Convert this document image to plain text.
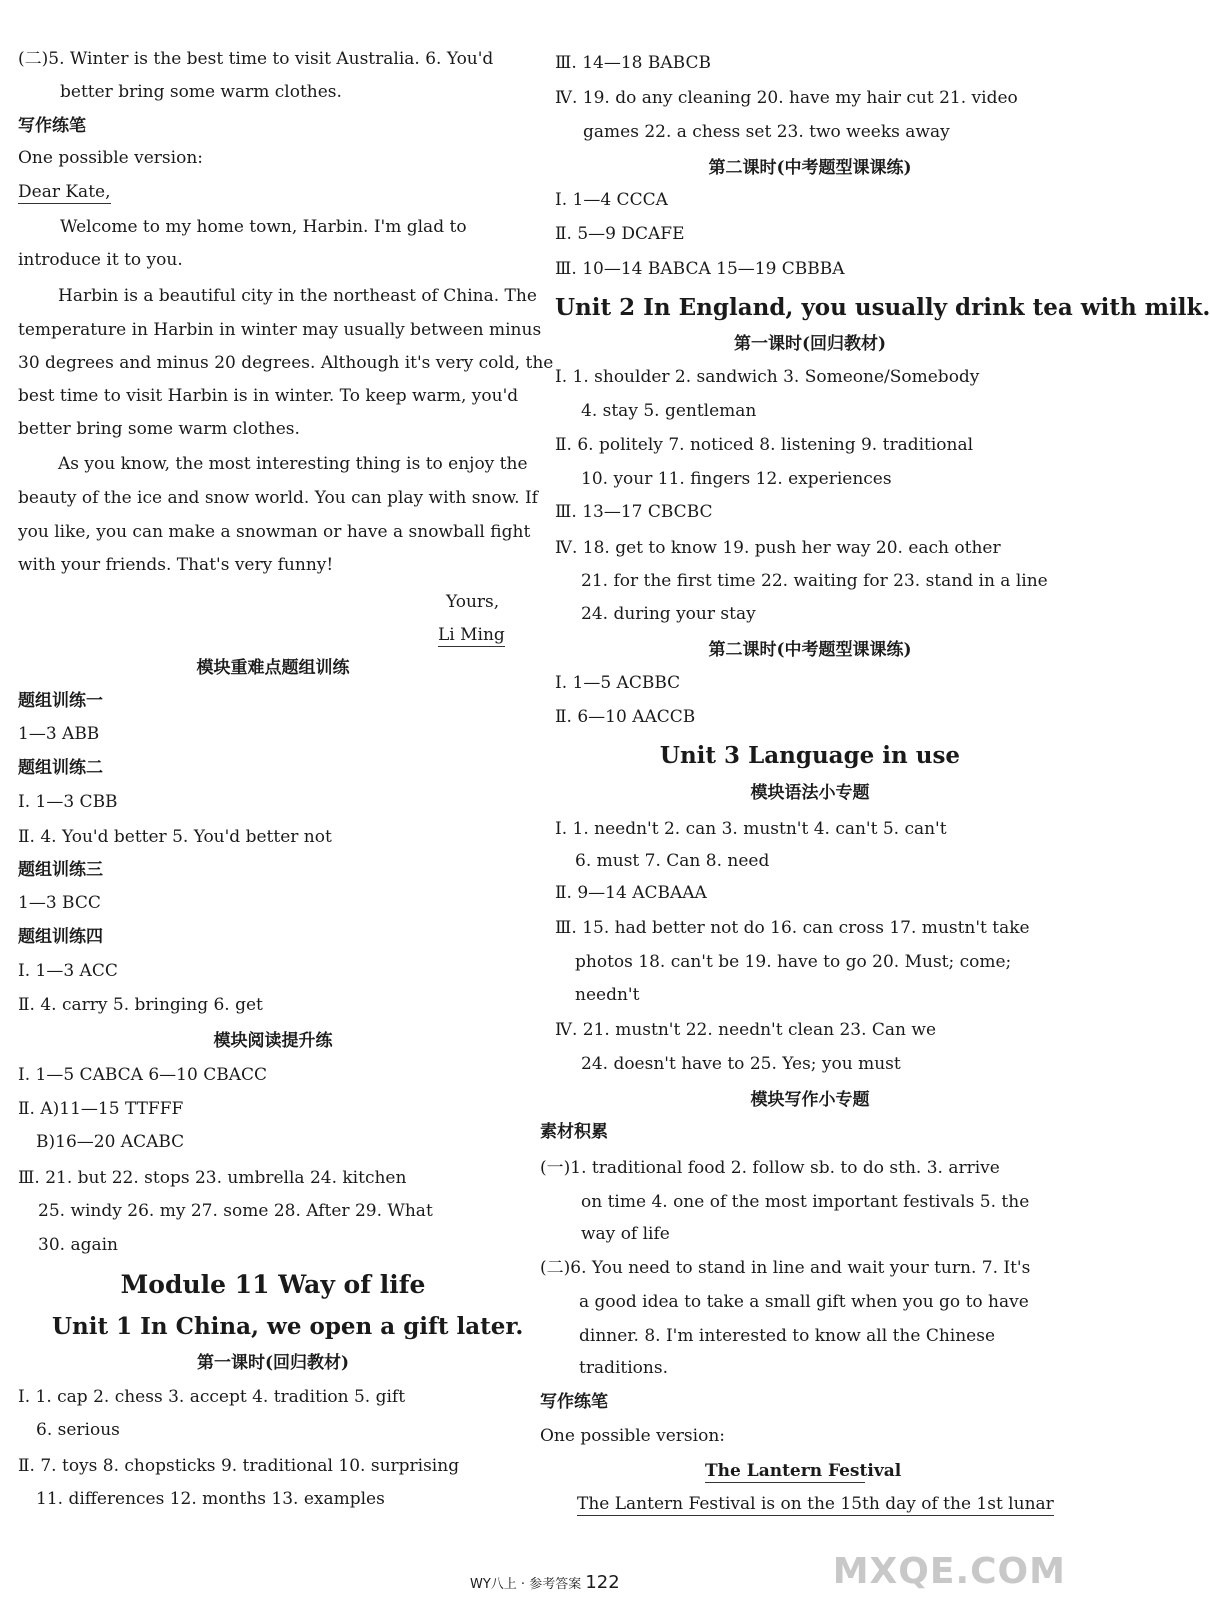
(二)5. Winter is the best time to visit Australia. 6. You'd
better bring some warm clothes.
写作练笔
One possible version:
Dear Kate,
Welcome to my home town, Harbin. I'm glad to
introduce it to you.
Harbin is a beautiful city in the northeast of China. The
temperature in Harbin in winter may usually between minus
30 degrees and minus 20 degrees. Although it's very cold, the
best time to visit Harbin is in winter. To keep warm, you'd
better bring some warm clothes.
As you know, the most interesting thing is to enjoy the
beauty of the ice and snow world. You can play with snow. If
you like, you can make a snowman or have a snowball fight
with your friends. That's very funny!
Yours,
Li Ming
模块重难点题组训练
题组训练一
1—3 ABB
题组训练二
Ⅰ. 1—3 CBB
Ⅱ. 4. You'd better 5. You'd better not
题组训练三
1—3 BCC
题组训练四
Ⅰ. 1—3 ACC
Ⅱ. 4. carry 5. bringing 6. get
模块阅读提升练
Ⅰ. 1—5 CABCA 6—10 CBACC
Ⅱ. A)11—15 TTFFF
B)16—20 ACABC
Ⅲ. 21. but 22. stops 23. umbrella 24. kitchen
25. windy 26. my 27. some 28. After 29. What
30. again
Module 11 Way of life
Unit 1 In China, we open a gift later.
第一课时(回归教材)
Ⅰ. 1. cap 2. chess 3. accept 4. tradition 5. gift
6. serious
Ⅱ. 7. toys 8. chopsticks 9. traditional 10. surprising
11. differences 12. months 13. examples
Ⅲ. 14—18 BABCB
Ⅳ. 19. do any cleaning 20. have my hair cut 21. video
games 22. a chess set 23. two weeks away
第二课时(中考题型课课练)
Ⅰ. 1—4 CCCA
Ⅱ. 5—9 DCAFE
Ⅲ. 10—14 BABCA 15—19 CBBBA
Unit 2 In England, you usually drink tea with milk.
第一课时(回归教材)
Ⅰ. 1. shoulder 2. sandwich 3. Someone/Somebody
4. stay 5. gentleman
Ⅱ. 6. politely 7. noticed 8. listening 9. traditional
10. your 11. fingers 12. experiences
Ⅲ. 13—17 CBCBC
Ⅳ. 18. get to know 19. push her way 20. each other
21. for the first time 22. waiting for 23. stand in a line
24. during your stay
第二课时(中考题型课课练)
Ⅰ. 1—5 ACBBC
Ⅱ. 6—10 AACCB
Unit 3 Language in use
模块语法小专题
Ⅰ. 1. needn't 2. can 3. mustn't 4. can't 5. can't
6. must 7. Can 8. need
Ⅱ. 9—14 ACBAAA
Ⅲ. 15. had better not do 16. can cross 17. mustn't take
photos 18. can't be 19. have to go 20. Must; come;
needn't
Ⅳ. 21. mustn't 22. needn't clean 23. Can we
24. doesn't have to 25. Yes; you must
模块写作小专题
素材积累
(一)1. traditional food 2. follow sb. to do sth. 3. arrive
on time 4. one of the most important festivals 5. the
way of life
(二)6. You need to stand in line and wait your turn. 7. It's
a good idea to take a small gift when you go to have
dinner. 8. I'm interested to know all the Chinese
traditions.
写作练笔
One possible version:
The Lantern Festival
The Lantern Festival is on the 15th day of the 1st lunar
WY八上 · 参考答案 122	MXQE.COM
